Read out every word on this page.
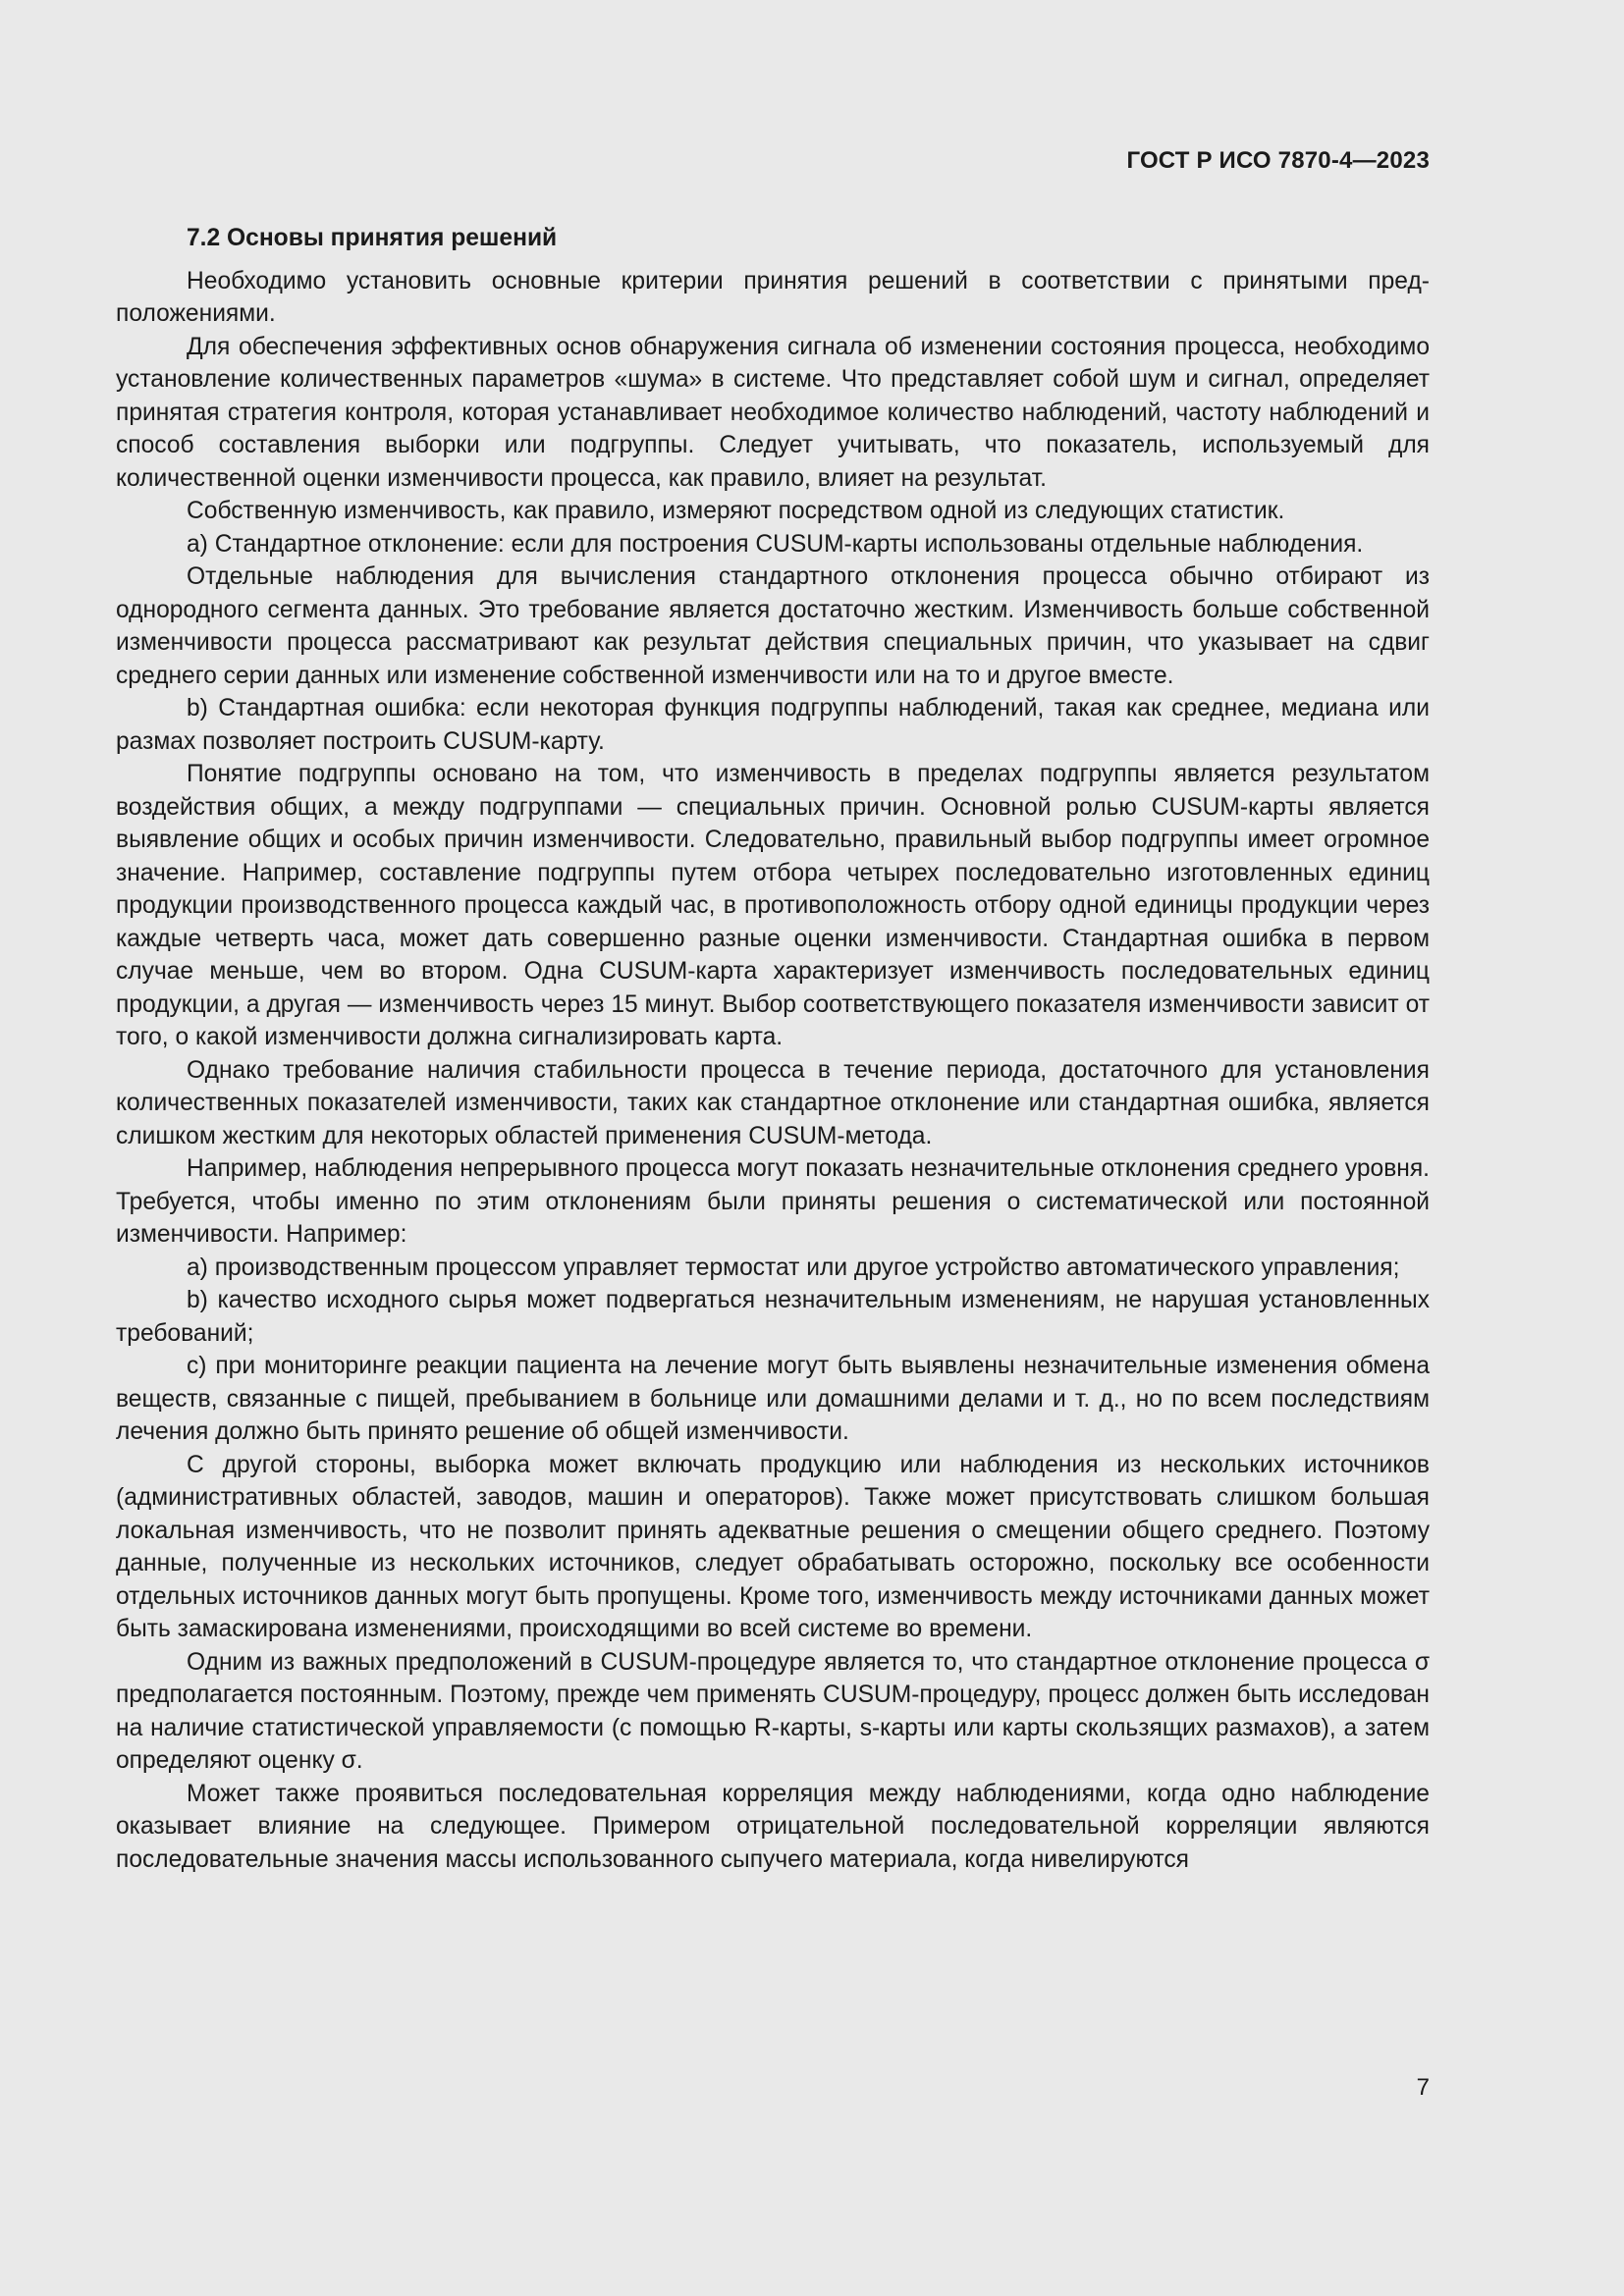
ГОСТ Р ИСО 7870-4—2023
7.2 Основы принятия решений

Необходимо установить основные критерии принятия решений в соответствии с принятыми предположениями.

Для обеспечения эффективных основ обнаружения сигнала об изменении состояния процесса, необходимо установление количественных параметров «шума» в системе. Что представляет собой шум и сигнал, определяет принятая стратегия контроля, которая устанавливает необходимое количество наблюдений, частоту наблюдений и способ составления выборки или подгруппы. Следует учитывать, что показатель, используемый для количественной оценки изменчивости процесса, как правило, влияет на результат.

Собственную изменчивость, как правило, измеряют посредством одной из следующих статистик.

а) Стандартное отклонение: если для построения CUSUM-карты использованы отдельные наблюдения.

Отдельные наблюдения для вычисления стандартного отклонения процесса обычно отбирают из однородного сегмента данных. Это требование является достаточно жестким. Изменчивость больше собственной изменчивости процесса рассматривают как результат действия специальных причин, что указывает на сдвиг среднего серии данных или изменение собственной изменчивости или на то и другое вместе.

b) Стандартная ошибка: если некоторая функция подгруппы наблюдений, такая как среднее, медиана или размах позволяет построить CUSUM-карту.

Понятие подгруппы основано на том, что изменчивость в пределах подгруппы является результатом воздействия общих, а между подгруппами — специальных причин. Основной ролью CUSUM-карты является выявление общих и особых причин изменчивости. Следовательно, правильный выбор подгруппы имеет огромное значение. Например, составление подгруппы путем отбора четырех последовательно изготовленных единиц продукции производственного процесса каждый час, в противоположность отбору одной единицы продукции через каждые четверть часа, может дать совершенно разные оценки изменчивости. Стандартная ошибка в первом случае меньше, чем во втором. Одна CUSUM-карта характеризует изменчивость последовательных единиц продукции, а другая — изменчивость через 15 минут. Выбор соответствующего показателя изменчивости зависит от того, о какой изменчивости должна сигнализировать карта.

Однако требование наличия стабильности процесса в течение периода, достаточного для установления количественных показателей изменчивости, таких как стандартное отклонение или стандартная ошибка, является слишком жестким для некоторых областей применения CUSUM-метода.

Например, наблюдения непрерывного процесса могут показать незначительные отклонения среднего уровня. Требуется, чтобы именно по этим отклонениям были приняты решения о систематической или постоянной изменчивости. Например:

а) производственным процессом управляет термостат или другое устройство автоматического управления;

b) качество исходного сырья может подвергаться незначительным изменениям, не нарушая установленных требований;

c) при мониторинге реакции пациента на лечение могут быть выявлены незначительные изменения обмена веществ, связанные с пищей, пребыванием в больнице или домашними делами и т. д., но по всем последствиям лечения должно быть принято решение об общей изменчивости.

С другой стороны, выборка может включать продукцию или наблюдения из нескольких источников (административных областей, заводов, машин и операторов). Также может присутствовать слишком большая локальная изменчивость, что не позволит принять адекватные решения о смещении общего среднего. Поэтому данные, полученные из нескольких источников, следует обрабатывать осторожно, поскольку все особенности отдельных источников данных могут быть пропущены. Кроме того, изменчивость между источниками данных может быть замаскирована изменениями, происходящими во всей системе во времени.

Одним из важных предположений в CUSUM-процедуре является то, что стандартное отклонение процесса σ предполагается постоянным. Поэтому, прежде чем применять CUSUM-процедуру, процесс должен быть исследован на наличие статистической управляемости (с помощью R-карты, s-карты или карты скользящих размахов), а затем определяют оценку σ.

Может также проявиться последовательная корреляция между наблюдениями, когда одно наблюдение оказывает влияние на следующее. Примером отрицательной последовательной корреляции являются последовательные значения массы использованного сыпучего материала, когда нивелируются

7
